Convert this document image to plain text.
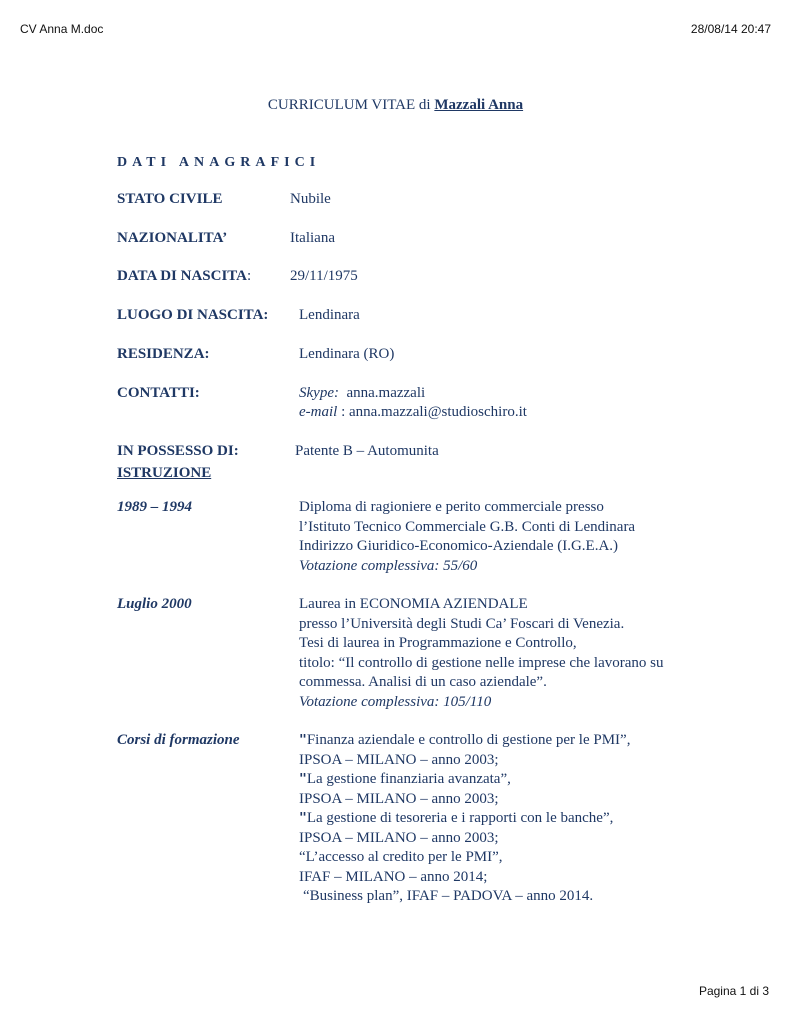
CV Anna M.doc	28/08/14 20:47
CURRICULUM VITAE di Mazzali Anna
DATI ANAGRAFICI
STATO CIVILE	Nubile
NAZIONALITA’	Italiana
DATA DI NASCITA:	29/11/1975
LUOGO DI NASCITA: Lendinara
RESIDENZA:	Lendinara (RO)
CONTATTI:	Skype: anna.mazzali
e-mail : anna.mazzali@studioschiro.it
IN POSSESSO DI:	Patente B – Automunita
ISTRUZIONE
1989 – 1994	Diploma di ragioniere e perito commerciale presso
l’Istituto Tecnico Commerciale G.B. Conti di Lendinara
Indirizzo Giuridico-Economico-Aziendale (I.G.E.A.)
Votazione complessiva: 55/60
Luglio 2000	Laurea in ECONOMIA AZIENDALE
presso l’Università degli Studi Ca’ Foscari di Venezia.
Tesi di laurea in Programmazione e Controllo,
titolo: “Il controllo di gestione nelle imprese che lavorano su
commessa. Analisi di un caso aziendale”.
Votazione complessiva: 105/110
Corsi di formazione	"Finanza aziendale e controllo di gestione per le PMI”,
IPSOA – MILANO – anno 2003;
"La gestione finanziaria avanzata”,
IPSOA – MILANO – anno 2003;
"La gestione di tesoreria e i rapporti con le banche”,
IPSOA – MILANO – anno 2003;
“L’accesso al credito per le PMI”,
IFAF – MILANO – anno 2014;
“Business plan”, IFAF – PADOVA – anno 2014.
Pagina 1 di 3
